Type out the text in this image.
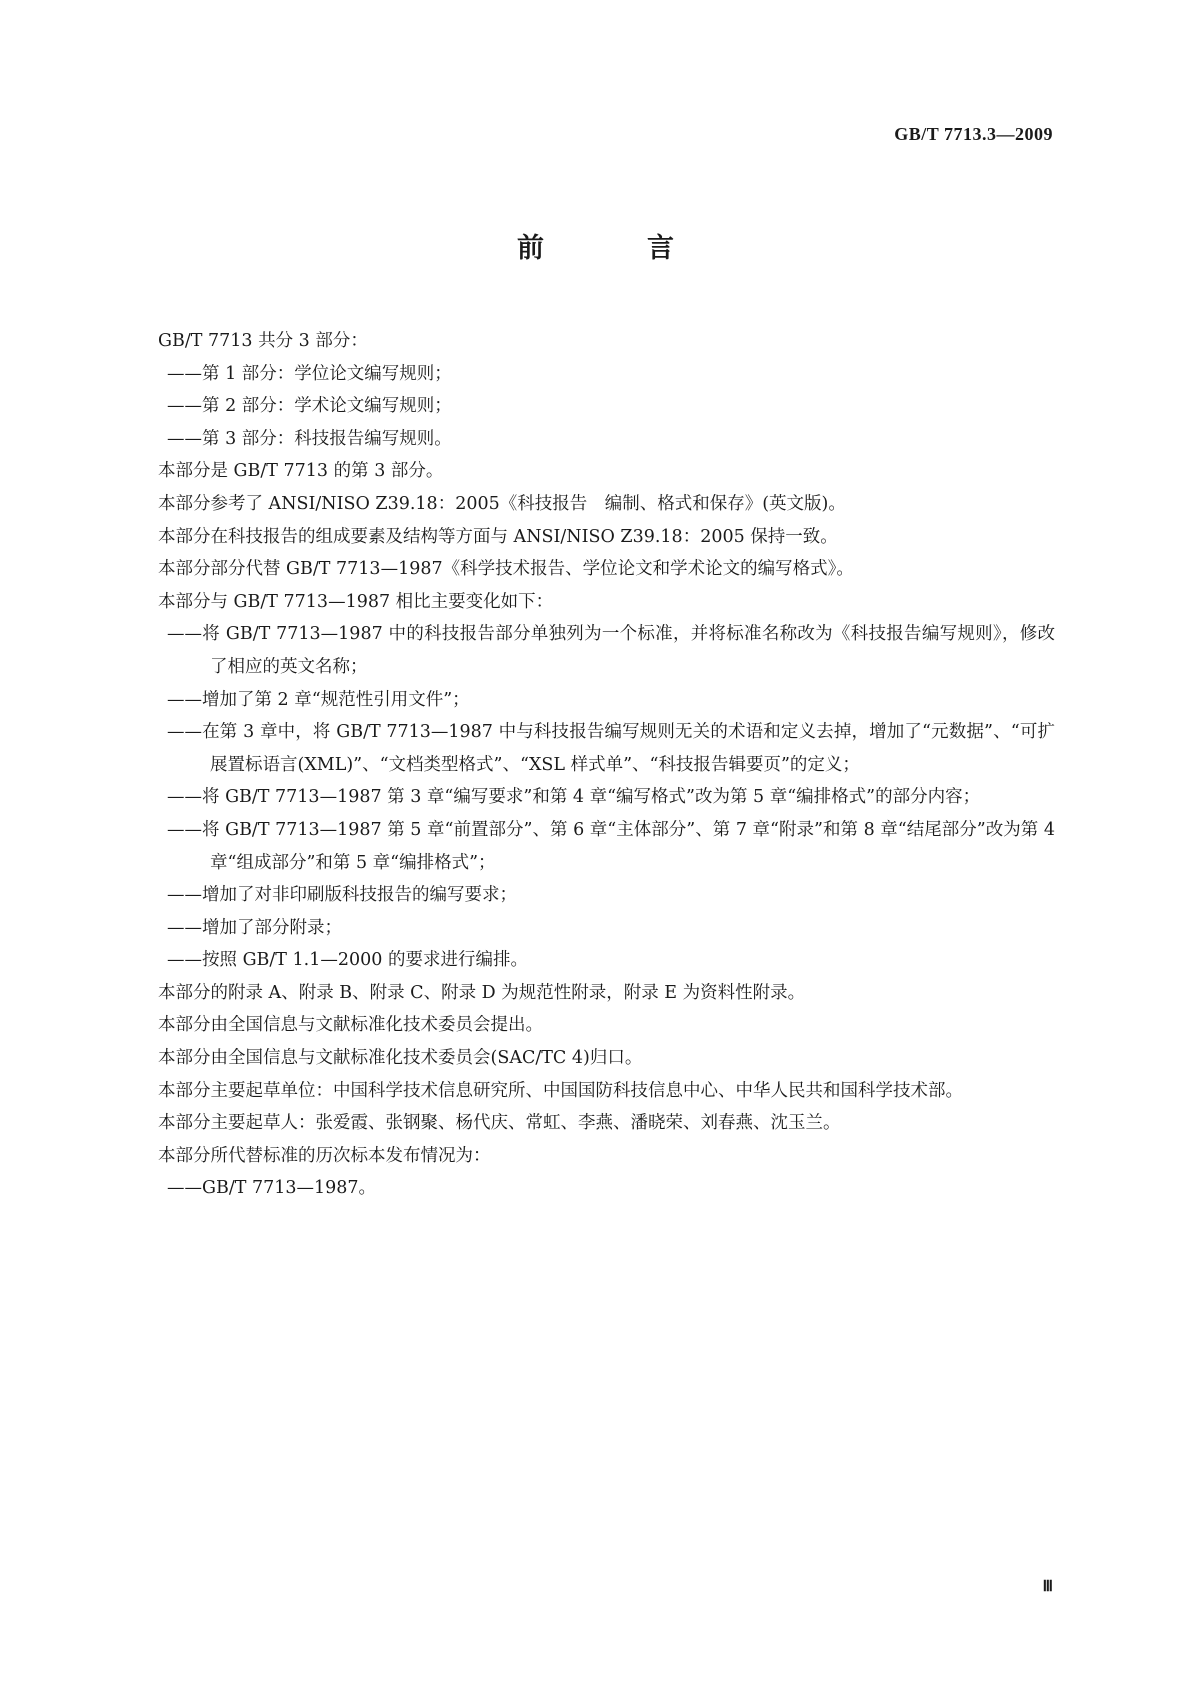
GB/T 7713.3—2009
前　言

GB/T 7713 共分 3 部分：

——第 1 部分：学位论文编写规则；

——第 2 部分：学术论文编写规则；

——第 3 部分：科技报告编写规则。

本部分是 GB/T 7713 的第 3 部分。

本部分参考了 ANSI/NISO Z39.18：2005《科技报告　编制、格式和保存》(英文版)。

本部分在科技报告的组成要素及结构等方面与 ANSI/NISO Z39.18：2005 保持一致。

本部分部分代替 GB/T 7713—1987《科学技术报告、学位论文和学术论文的编写格式》。

本部分与 GB/T 7713—1987 相比主要变化如下：

——将 GB/T 7713—1987 中的科技报告部分单独列为一个标准，并将标准名称改为《科技报告编写规则》，修改了相应的英文名称；

——增加了第 2 章“规范性引用文件”；

——在第 3 章中，将 GB/T 7713—1987 中与科技报告编写规则无关的术语和定义去掉，增加了“元数据”、“可扩展置标语言(XML)”、“文档类型格式”、“XSL 样式单”、“科技报告辑要页”的定义；

——将 GB/T 7713—1987 第 3 章“编写要求”和第 4 章“编写格式”改为第 5 章“编排格式”的部分内容；

——将 GB/T 7713—1987 第 5 章“前置部分”、第 6 章“主体部分”、第 7 章“附录”和第 8 章“结尾部分”改为第 4 章“组成部分”和第 5 章“编排格式”；

——增加了对非印刷版科技报告的编写要求；

——增加了部分附录；

——按照 GB/T 1.1—2000 的要求进行编排。

本部分的附录 A、附录 B、附录 C、附录 D 为规范性附录，附录 E 为资料性附录。

本部分由全国信息与文献标准化技术委员会提出。

本部分由全国信息与文献标准化技术委员会(SAC/TC 4)归口。

本部分主要起草单位：中国科学技术信息研究所、中国国防科技信息中心、中华人民共和国科学技术部。

本部分主要起草人：张爱霞、张钢聚、杨代庆、常虹、李燕、潘晓荣、刘春燕、沈玉兰。

本部分所代替标准的历次标本发布情况为：

——GB/T 7713—1987。

Ⅲ
